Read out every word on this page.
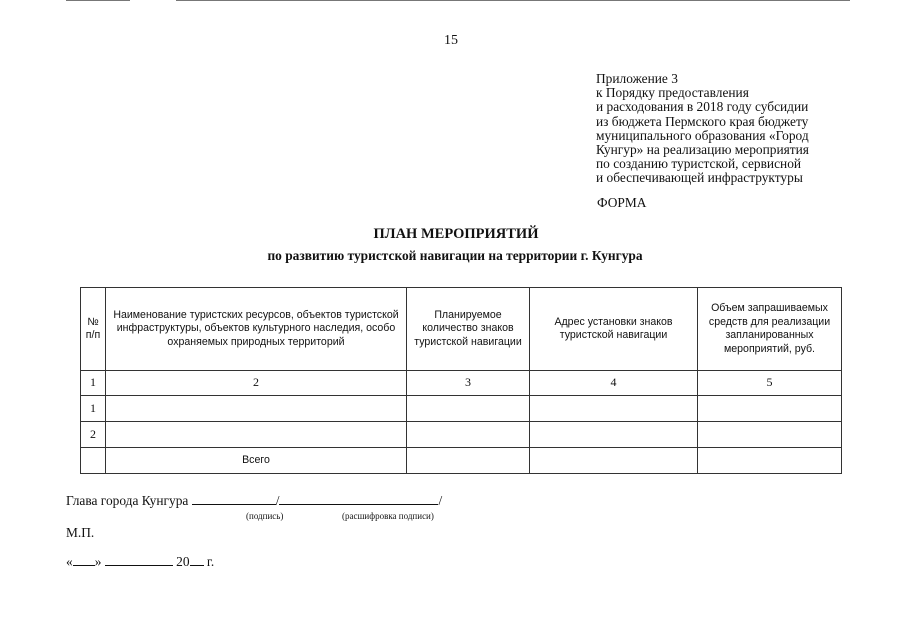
15
Приложение 3
к Порядку предоставления
и расходования в 2018 году субсидии
из бюджета Пермского края бюджету
муниципального образования «Город
Кунгур» на реализацию мероприятия
по созданию туристской, сервисной
и обеспечивающей инфраструктуры
ФОРМА
ПЛАН МЕРОПРИЯТИЙ
по развитию туристской навигации на территории г. Кунгура
№ п/п	Наименование туристских ресурсов, объектов туристской инфраструктуры, объектов культурного наследия, особо охраняемых природных территорий	Планируемое количество знаков туристской навигации	Адрес установки знаков туристской навигации	Объем запрашиваемых средств для реализации запланированных мероприятий, руб.
1	2	3	4	5
1				
2				
	Всего			
Глава города Кунгура	/	/
(подпись)	(расшифровка подписи)
М.П.
« »	20 г.
